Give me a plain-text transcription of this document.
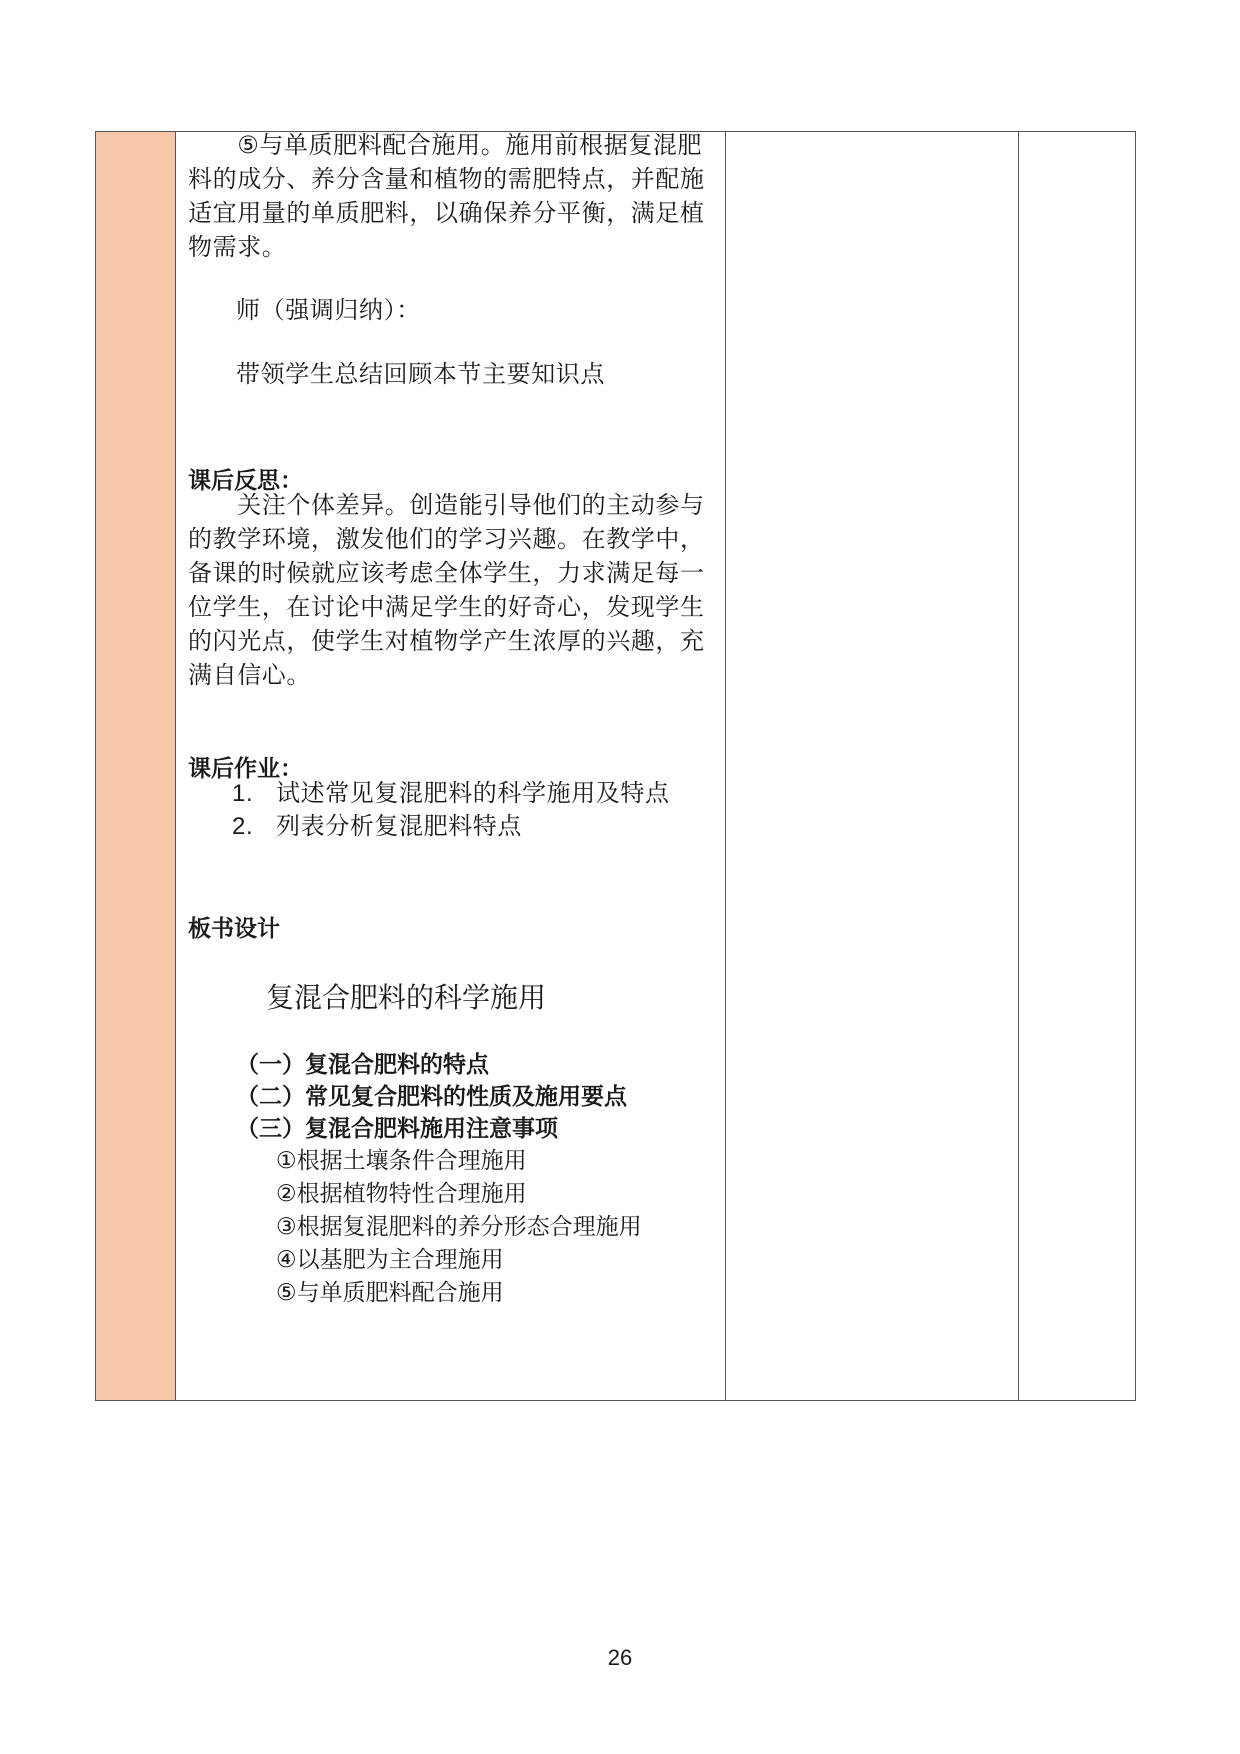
　　⑤与单质肥料配合施用。施用前根据复混肥

料的成分、养分含量和植物的需肥特点，并配施

适宜用量的单质肥料，以确保养分平衡，满足植

物需求。

师（强调归纳）：

带领学生总结回顾本节主要知识点

课后反思：

　　关注个体差异。创造能引导他们的主动参与

的教学环境，激发他们的学习兴趣。在教学中，

备课的时候就应该考虑全体学生，力求满足每一

位学生，在讨论中满足学生的好奇心，发现学生

的闪光点，使学生对植物学产生浓厚的兴趣，充

满自信心。

课后作业：

1. 试述常见复混肥料的科学施用及特点

2. 列表分析复混肥料特点

板书设计

复混合肥料的科学施用

（一）复混合肥料的特点

（二）常见复合肥料的性质及施用要点

（三）复混合肥料施用注意事项

①根据土壤条件合理施用

②根据植物特性合理施用

③根据复混肥料的养分形态合理施用

④以基肥为主合理施用

⑤与单质肥料配合施用

26
